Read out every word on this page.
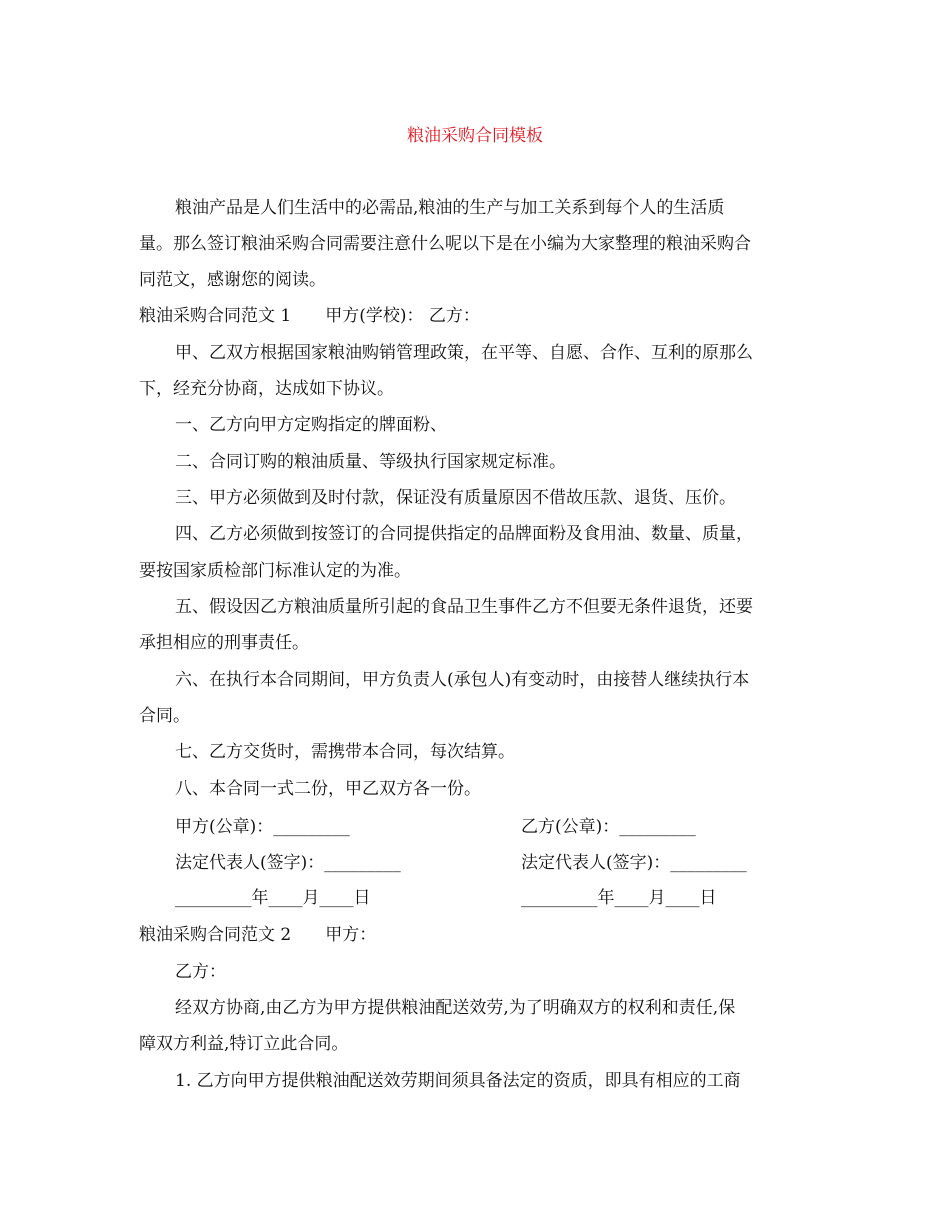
粮油采购合同模板
粮油产品是人们生活中的必需品,粮油的生产与加工关系到每个人的生活质
量。那么签订粮油采购合同需要注意什么呢以下是在小编为大家整理的粮油采购合
同范文，感谢您的阅读。
粮油采购合同范文 1 甲方(学校)： 乙方：
甲、乙双方根据国家粮油购销管理政策，在平等、自愿、合作、互利的原那么
下，经充分协商，达成如下协议。
一、乙方向甲方定购指定的牌面粉、
二、合同订购的粮油质量、等级执行国家规定标准。
三、甲方必须做到及时付款，保证没有质量原因不借故压款、退货、压价。
四、乙方必须做到按签订的合同提供指定的品牌面粉及食用油、数量、质量，
要按国家质检部门标准认定的为准。
五、假设因乙方粮油质量所引起的食品卫生事件乙方不但要无条件退货，还要
承担相应的刑事责任。
六、在执行本合同期间，甲方负责人(承包人)有变动时，由接替人继续执行本
合同。
七、乙方交货时，需携带本合同，每次结算。
八、本合同一式二份，甲乙双方各一份。
甲方(公章)：_________	乙方(公章)：_________
法定代表人(签字)：_________	法定代表人(签字)：_________
_________年____月____日	_________年____月____日
粮油采购合同范文 2 甲方：
乙方：
经双方协商,由乙方为甲方提供粮油配送效劳,为了明确双方的权利和责任,保
障双方利益,特订立此合同。
1. 乙方向甲方提供粮油配送效劳期间须具备法定的资质，即具有相应的工商
